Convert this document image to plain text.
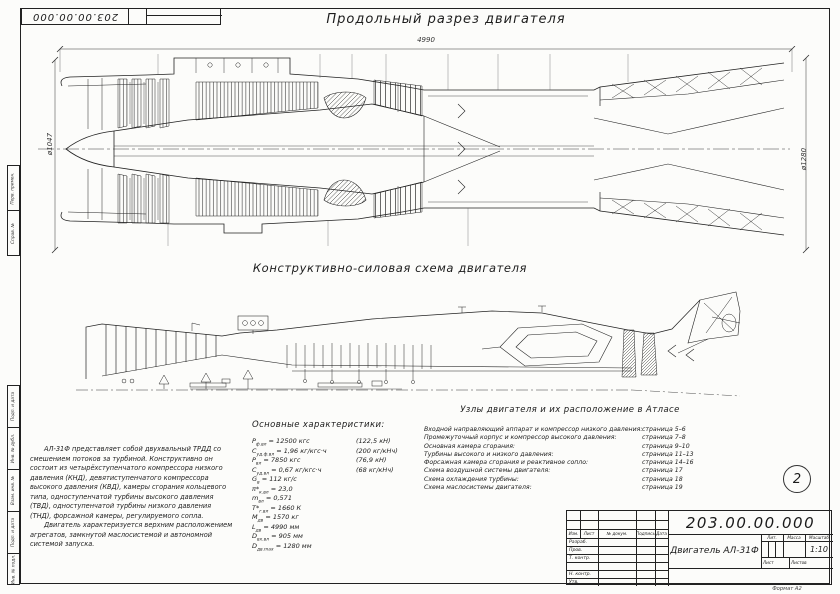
203.00.00.000
Перв. примен.
Справ. №
Подп. и дата
Инв. № дубл.
Взам. инв. №
Подп. и дата
Инв. № подл.
Продольный разрез двигателя
4990
ø1047
ø1280
Конструктивно-силовая схема двигателя

АЛ-31Ф представляет собой двухвальный ТРДД со смешением потоков за турбиной. Конструктивно он состоит из четырёхступенчатого компрессора низкого давления (КНД), девятиступенчатого компрессора высокого давления (КВД), камеры сгорания кольцевого типа, одноступенчатой турбины высокого давления (ТВД), одноступенчатой турбины низкого давления (ТНД), форсажной камеры, регулируемого сопла.

Двигатель характеризуется верхним расположением агрегатов, замкнутой маслосистемой и автономной системой запуска.

Основные характеристики:
$Р_{ф.вл} = 12500$ кгс	(122,5 кН)
$С_{уд.ф.вл} = 1,96$ кг/кгс·ч	(200 кг/кНч)
$Р_{вл} = 7850$ кгс	(76,9 кН)
$С_{уд.вл} = 0,67$ кг/кгс·ч	(68 кг/кНч)
$G_в = 112$ кг/с
$\pi*_{к.вл} = 23,0$
$m_{вл} = 0,571$
$Т*_{г.вл} = 1660$ К
$М_{дв} = 1570$ кг
$L_{дв} = 4990$ мм
$D_{вх.вл} = 905$ мм
$D_{дв.max} = 1280$ мм
Узлы двигателя и их расположение в Атласе
Входной направляющий аппарат и компрессор низкого давления: страница 5–6
Промежуточный корпус и компрессор высокого давления:	страница 7–8
Основная камера сгорания:	страница 9–10
Турбины высокого и низкого давления:	страница 11–13
Форсажная камера сгорания и реактивное сопло:	страница 14–16
Схема воздушной системы двигателя:	страница 17
Схема охлаждения турбины:	страница 18
Схема маслосистемы двигателя:	страница 19
2
203.00.00.000
Двигатель АЛ-31Ф
Изм.	Лист	№ докум.	Подпись Дата
Разраб.
Пров.
Т. контр.
Н. контр.
Утв.
Лит.	Масса	Масштаб
1:10
Лист	Листов
Формат А2
